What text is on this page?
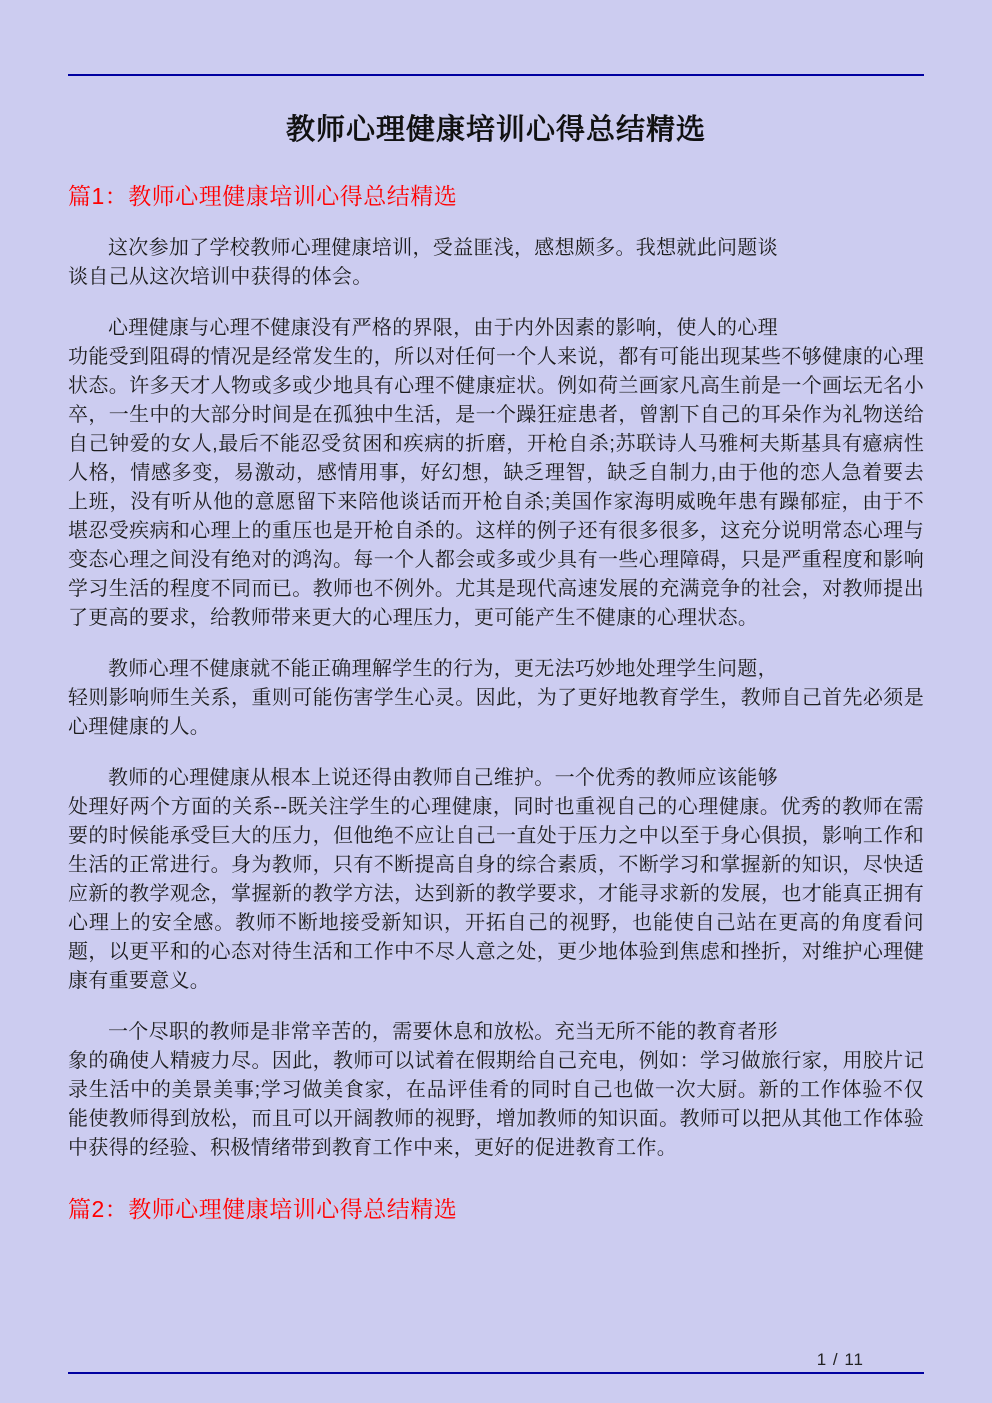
教师心理健康培训心得总结精选
篇1：教师心理健康培训心得总结精选

这次参加了学校教师心理健康培训，受益匪浅，感想颇多。我想就此问题谈
谈自己从这次培训中获得的体会。

心理健康与心理不健康没有严格的界限，由于内外因素的影响，使人的心理
功能受到阻碍的情况是经常发生的，所以对任何一个人来说，都有可能出现某些不够健康的心理状态。许多天才人物或多或少地具有心理不健康症状。例如荷兰画家凡高生前是一个画坛无名小卒，一生中的大部分时间是在孤独中生活，是一个躁狂症患者，曾割下自己的耳朵作为礼物送给自己钟爱的女人,最后不能忍受贫困和疾病的折磨，开枪自杀;苏联诗人马雅柯夫斯基具有癔病性人格，情感多变，易激动，感情用事，好幻想，缺乏理智，缺乏自制力,由于他的恋人急着要去上班，没有听从他的意愿留下来陪他谈话而开枪自杀;美国作家海明威晚年患有躁郁症，由于不堪忍受疾病和心理上的重压也是开枪自杀的。这样的例子还有很多很多，这充分说明常态心理与变态心理之间没有绝对的鸿沟。每一个人都会或多或少具有一些心理障碍，只是严重程度和影响学习生活的程度不同而已。教师也不例外。尤其是现代高速发展的充满竞争的社会，对教师提出了更高的要求，给教师带来更大的心理压力，更可能产生不健康的心理状态。

教师心理不健康就不能正确理解学生的行为，更无法巧妙地处理学生问题，
轻则影响师生关系，重则可能伤害学生心灵。因此，为了更好地教育学生，教师自己首先必须是心理健康的人。

教师的心理健康从根本上说还得由教师自己维护。一个优秀的教师应该能够
处理好两个方面的关系--既关注学生的心理健康，同时也重视自己的心理健康。优秀的教师在需要的时候能承受巨大的压力，但他绝不应让自己一直处于压力之中以至于身心俱损，影响工作和生活的正常进行。身为教师，只有不断提高自身的综合素质，不断学习和掌握新的知识，尽快适应新的教学观念，掌握新的教学方法，达到新的教学要求，才能寻求新的发展，也才能真正拥有心理上的安全感。教师不断地接受新知识，开拓自己的视野，也能使自己站在更高的角度看问题，以更平和的心态对待生活和工作中不尽人意之处，更少地体验到焦虑和挫折，对维护心理健康有重要意义。

一个尽职的教师是非常辛苦的，需要休息和放松。充当无所不能的教育者形
象的确使人精疲力尽。因此，教师可以试着在假期给自己充电，例如：学习做旅行家，用胶片记录生活中的美景美事;学习做美食家，在品评佳肴的同时自己也做一次大厨。新的工作体验不仅能使教师得到放松，而且可以开阔教师的视野，增加教师的知识面。教师可以把从其他工作体验中获得的经验、积极情绪带到教育工作中来，更好的促进教育工作。

篇2：教师心理健康培训心得总结精选
1 / 11
